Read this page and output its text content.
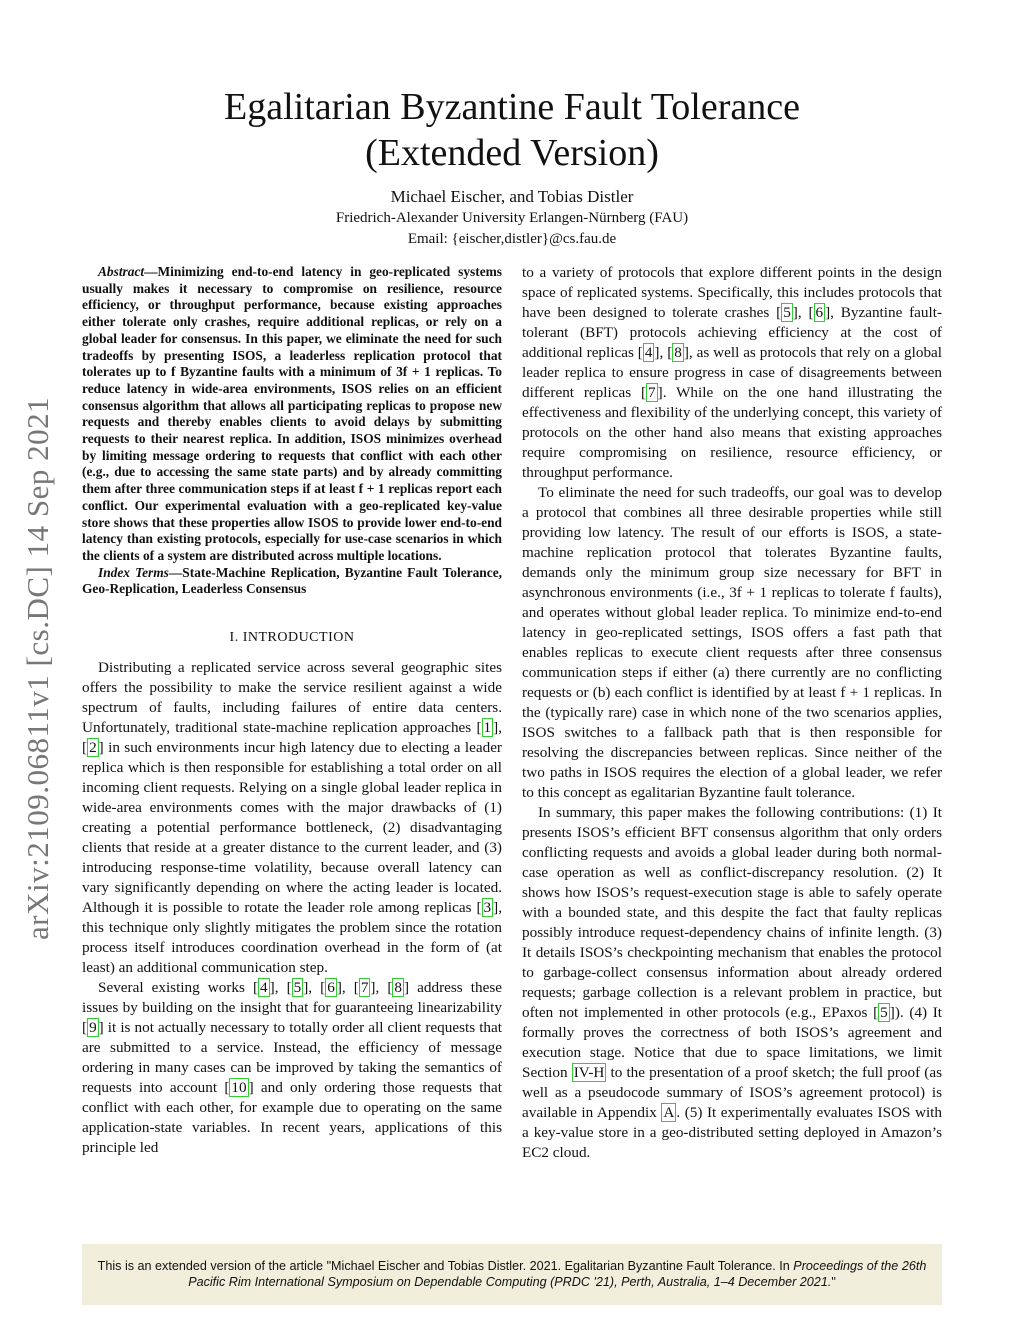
Egalitarian Byzantine Fault Tolerance
(Extended Version)
Michael Eischer, and Tobias Distler
Friedrich-Alexander University Erlangen-Nürnberg (FAU)
Email: {eischer,distler}@cs.fau.de
arXiv:2109.06811v1 [cs.DC] 14 Sep 2021

Abstract—Minimizing end-to-end latency in geo-replicated systems usually makes it necessary to compromise on resilience, resource efficiency, or throughput performance, because existing approaches either tolerate only crashes, require additional replicas, or rely on a global leader for consensus. In this paper, we eliminate the need for such tradeoffs by presenting ISOS, a leaderless replication protocol that tolerates up to f Byzantine faults with a minimum of 3f + 1 replicas. To reduce latency in wide-area environments, ISOS relies on an efficient consensus algorithm that allows all participating replicas to propose new requests and thereby enables clients to avoid delays by submitting requests to their nearest replica. In addition, ISOS minimizes overhead by limiting message ordering to requests that conflict with each other (e.g., due to accessing the same state parts) and by already committing them after three communication steps if at least f + 1 replicas report each conflict. Our experimental evaluation with a geo-replicated key-value store shows that these properties allow ISOS to provide lower end-to-end latency than existing protocols, especially for use-case scenarios in which the clients of a system are distributed across multiple locations.

Index Terms—State-Machine Replication, Byzantine Fault Tolerance, Geo-Replication, Leaderless Consensus

I. INTRODUCTION

Distributing a replicated service across several geographic sites offers the possibility to make the service resilient against a wide spectrum of faults, including failures of entire data centers. Unfortunately, traditional state-machine replication approaches [ 1 ], [ 2 ] in such environments incur high latency due to electing a leader replica which is then responsible for establishing a total order on all incoming client requests. Relying on a single global leader replica in wide-area environments comes with the major drawbacks of (1) creating a potential performance bottleneck, (2) disadvantaging clients that reside at a greater distance to the current leader, and (3) introducing response-time volatility, because overall latency can vary significantly depending on where the acting leader is located. Although it is possible to rotate the leader role among replicas [ 3 ], this technique only slightly mitigates the problem since the rotation process itself introduces coordination overhead in the form of (at least) an additional communication step.

Several existing works [ 4 ], [ 5 ], [ 6 ], [ 7 ], [ 8 ] address these issues by building on the insight that for guaranteeing linearizability [ 9 ] it is not actually necessary to totally order all client requests that are submitted to a service. Instead, the efficiency of message ordering in many cases can be improved by taking the semantics of requests into account [ 10 ] and only ordering those requests that conflict with each other, for example due to operating on the same application-state variables. In recent years, applications of this principle led

to a variety of protocols that explore different points in the design space of replicated systems. Specifically, this includes protocols that have been designed to tolerate crashes [ 5 ], [ 6 ], Byzantine fault-tolerant (BFT) protocols achieving efficiency at the cost of additional replicas [ 4 ], [ 8 ], as well as protocols that rely on a global leader replica to ensure progress in case of disagreements between different replicas [ 7 ]. While on the one hand illustrating the effectiveness and flexibility of the underlying concept, this variety of protocols on the other hand also means that existing approaches require compromising on resilience, resource efficiency, or throughput performance.

To eliminate the need for such tradeoffs, our goal was to develop a protocol that combines all three desirable properties while still providing low latency. The result of our efforts is ISOS, a state-machine replication protocol that tolerates Byzantine faults, demands only the minimum group size necessary for BFT in asynchronous environments (i.e., 3f + 1 replicas to tolerate f faults), and operates without global leader replica. To minimize end-to-end latency in geo-replicated settings, ISOS offers a fast path that enables replicas to execute client requests after three consensus communication steps if either (a) there currently are no conflicting requests or (b) each conflict is identified by at least f + 1 replicas. In the (typically rare) case in which none of the two scenarios applies, ISOS switches to a fallback path that is then responsible for resolving the discrepancies between replicas. Since neither of the two paths in ISOS requires the election of a global leader, we refer to this concept as egalitarian Byzantine fault tolerance.

In summary, this paper makes the following contributions: (1) It presents ISOS’s efficient BFT consensus algorithm that only orders conflicting requests and avoids a global leader during both normal-case operation as well as conflict-discrepancy resolution. (2) It shows how ISOS’s request-execution stage is able to safely operate with a bounded state, and this despite the fact that faulty replicas possibly introduce request-dependency chains of infinite length. (3) It details ISOS’s checkpointing mechanism that enables the protocol to garbage-collect consensus information about already ordered requests; garbage collection is a relevant problem in practice, but often not implemented in other protocols (e.g., EPaxos [ 5 ]). (4) It formally proves the correctness of both ISOS’s agreement and execution stage. Notice that due to space limitations, we limit Section IV-H to the presentation of a proof sketch; the full proof (as well as a pseudocode summary of ISOS’s agreement protocol) is available in Appendix A . (5) It experimentally evaluates ISOS with a key-value store in a geo-distributed setting deployed in Amazon’s EC2 cloud.

This is an extended version of the article "Michael Eischer and Tobias Distler. 2021. Egalitarian Byzantine Fault Tolerance. In Proceedings of the 26th Pacific Rim International Symposium on Dependable Computing (PRDC '21), Perth, Australia, 1–4 December 2021."
